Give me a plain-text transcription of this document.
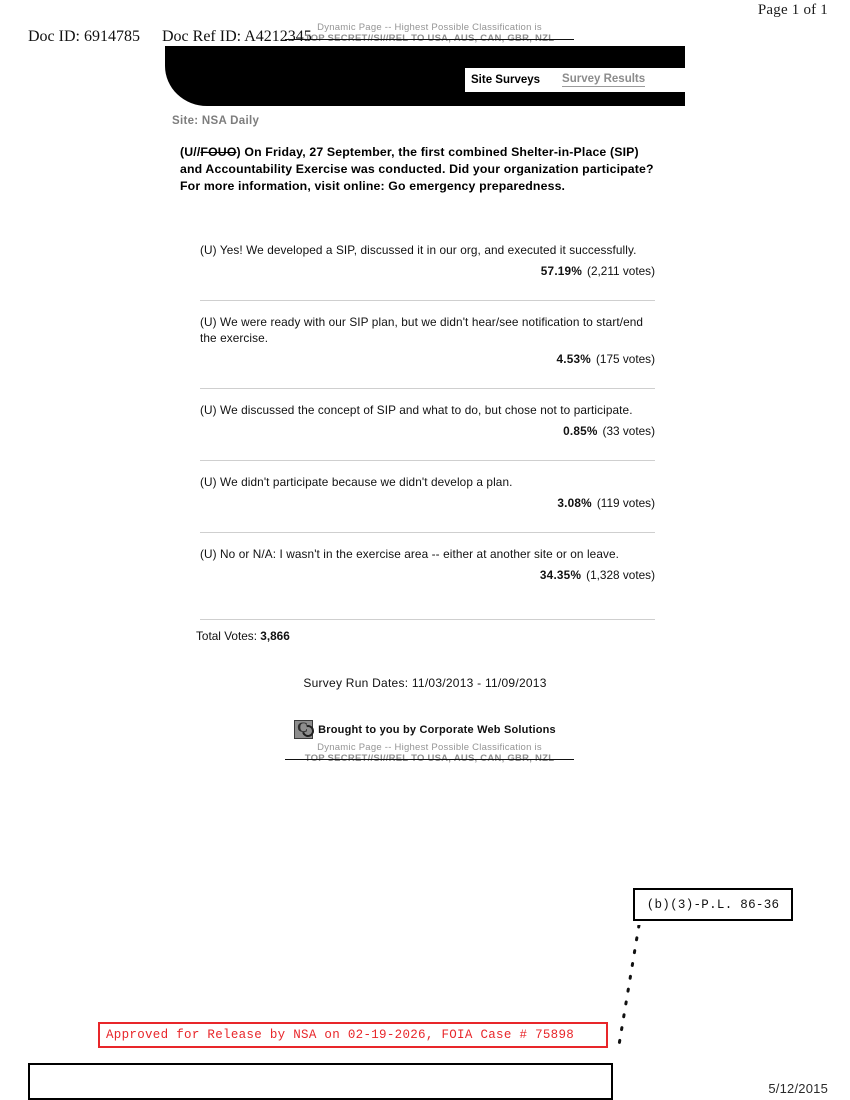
Page 1 of 1
Doc ID: 6914785 Doc Ref ID: A4212345
Dynamic Page -- Highest Possible Classification is
TOP SECRET//SI//REL TO USA, AUS, CAN, GBR, NZL
Site Surveys Survey Results
Site: NSA Daily
(U//FOUO) On Friday, 27 September, the first combined Shelter-in-Place (SIP) and Accountability Exercise was conducted. Did your organization participate? For more information, visit online: Go emergency preparedness.
(U) Yes! We developed a SIP, discussed it in our org, and executed it successfully.
57.19% (2,211 votes)
(U) We were ready with our SIP plan, but we didn't hear/see notification to start/end the exercise.
4.53% (175 votes)
(U) We discussed the concept of SIP and what to do, but chose not to participate.
0.85% (33 votes)
(U) We didn't participate because we didn't develop a plan.
3.08% (119 votes)
(U) No or N/A: I wasn't in the exercise area -- either at another site or on leave.
34.35% (1,328 votes)
Total Votes: 3,866
Survey Run Dates: 11/03/2013 - 11/09/2013
C
Brought to you by Corporate Web Solutions
Dynamic Page -- Highest Possible Classification is
TOP SECRET//SI//REL TO USA, AUS, CAN, GBR, NZL
(b)(3)-P.L. 86-36
Approved for Release by NSA on 02-19-2026, FOIA Case # 75898
5/12/2015
